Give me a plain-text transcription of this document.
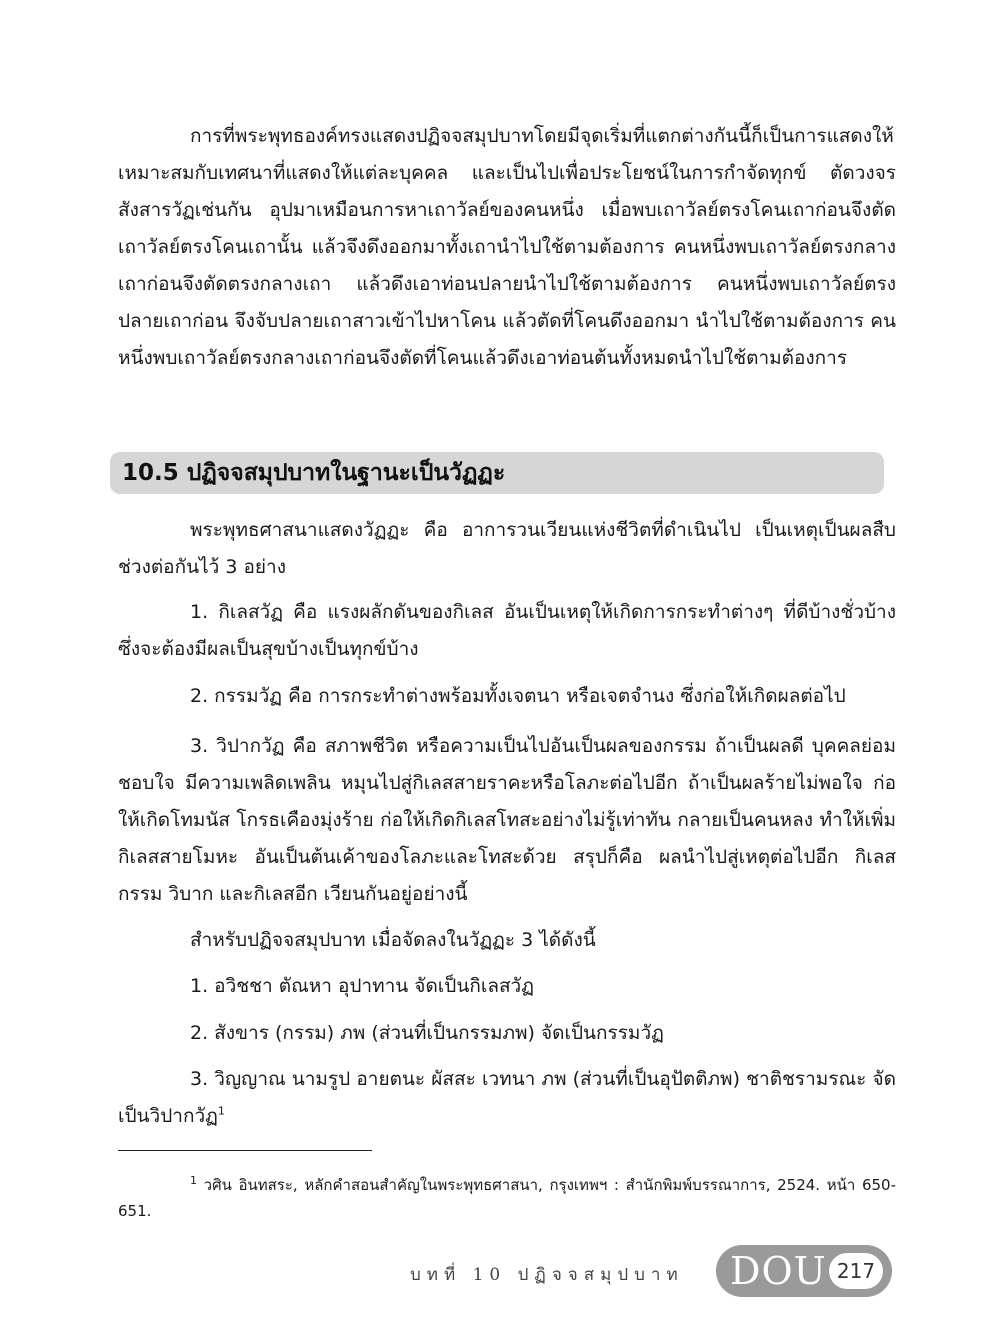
การที่พระพุทธองค์ทรงแสดงปฏิจจสมุปบาทโดยมีจุดเริ่มที่แตกต่างกันนี้ก็เป็นการแสดงให้เหมาะสมกับเทศนาที่แสดงให้แต่ละบุคคล และเป็นไปเพื่อประโยชน์ในการกำจัดทุกข์ ตัดวงจรสังสารวัฏเช่นกัน อุปมาเหมือนการหาเถาวัลย์ของคนหนึ่ง เมื่อพบเถาวัลย์ตรงโคนเถาก่อนจึงตัดเถาวัลย์ตรงโคนเถานั้น แล้วจึงดึงออกมาทั้งเถานำไปใช้ตามต้องการ คนหนึ่งพบเถาวัลย์ตรงกลางเถาก่อนจึงตัดตรงกลางเถา แล้วดึงเอาท่อนปลายนำไปใช้ตามต้องการ คนหนึ่งพบเถาวัลย์ตรงปลายเถาก่อน จึงจับปลายเถาสาวเข้าไปหาโคน แล้วตัดที่โคนดึงออกมา นำไปใช้ตามต้องการ คนหนึ่งพบเถาวัลย์ตรงกลางเถาก่อนจึงตัดที่โคนแล้วดึงเอาท่อนต้นทั้งหมดนำไปใช้ตามต้องการ

10.5 ปฏิจจสมุปบาทในฐานะเป็นวัฏฏะ

พระพุทธศาสนาแสดงวัฏฏะ คือ อาการวนเวียนแห่งชีวิตที่ดำเนินไป เป็นเหตุเป็นผลสืบช่วงต่อกันไว้ 3 อย่าง

1. กิเลสวัฏ คือ แรงผลักดันของกิเลส อันเป็นเหตุให้เกิดการกระทำต่างๆ ที่ดีบ้างชั่วบ้าง ซึ่งจะต้องมีผลเป็นสุขบ้างเป็นทุกข์บ้าง

2. กรรมวัฏ คือ การกระทำต่างพร้อมทั้งเจตนา หรือเจตจำนง ซึ่งก่อให้เกิดผลต่อไป

3. วิปากวัฏ คือ สภาพชีวิต หรือความเป็นไปอันเป็นผลของกรรม ถ้าเป็นผลดี บุคคลย่อมชอบใจ มีความเพลิดเพลิน หมุนไปสู่กิเลสสายราคะหรือโลภะต่อไปอีก ถ้าเป็นผลร้ายไม่พอใจ ก่อให้เกิดโทมนัส โกรธเคืองมุ่งร้าย ก่อให้เกิดกิเลสโทสะอย่างไม่รู้เท่าทัน กลายเป็นคนหลง ทำให้เพิ่มกิเลสสายโมหะ อันเป็นต้นเค้าของโลภะและโทสะด้วย สรุปก็คือ ผลนำไปสู่เหตุต่อไปอีก กิเลส กรรม วิบาก และกิเลสอีก เวียนกันอยู่อย่างนี้

สำหรับปฏิจจสมุปบาท เมื่อจัดลงในวัฏฏะ 3 ได้ดังนี้

1. อวิชชา ตัณหา อุปาทาน จัดเป็นกิเลสวัฏ

2. สังขาร (กรรม) ภพ (ส่วนที่เป็นกรรมภพ) จัดเป็นกรรมวัฏ

3. วิญญาณ นามรูป อายตนะ ผัสสะ เวทนา ภพ (ส่วนที่เป็นอุปัตติภพ) ชาติชรามรณะ จัดเป็นวิปากวัฏ$^1$

$^1$ วศิน อินทสระ, หลักคำสอนสำคัญในพระพุทธศาสนา, กรุงเทพฯ : สำนักพิมพ์บรรณาการ, 2524. หน้า 650-651.

บทที่ 10 ปฏิจจสมุปบาท DOU 217
